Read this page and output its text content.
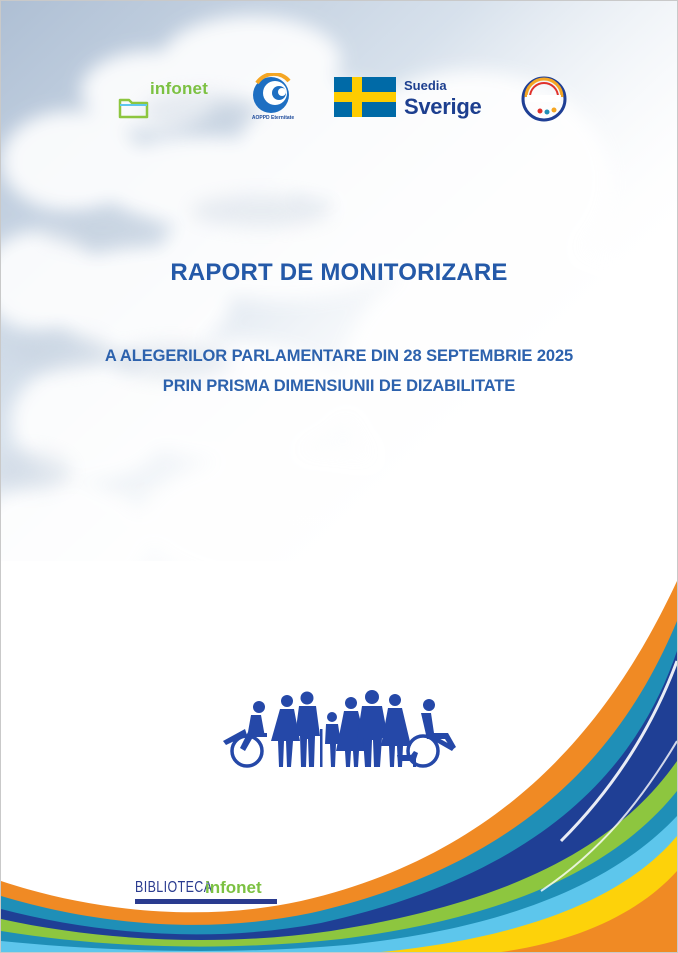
infonet
AOPPD Eternitate
Suedia
Sverige
RAPORT DE MONITORIZARE

A ALEGERILOR PARLAMENTARE DIN 28 SEPTEMBRIE 2025

PRIN PRISMA DIMENSIUNII DE DIZABILITATE

BIBLIOTECA
infonet
